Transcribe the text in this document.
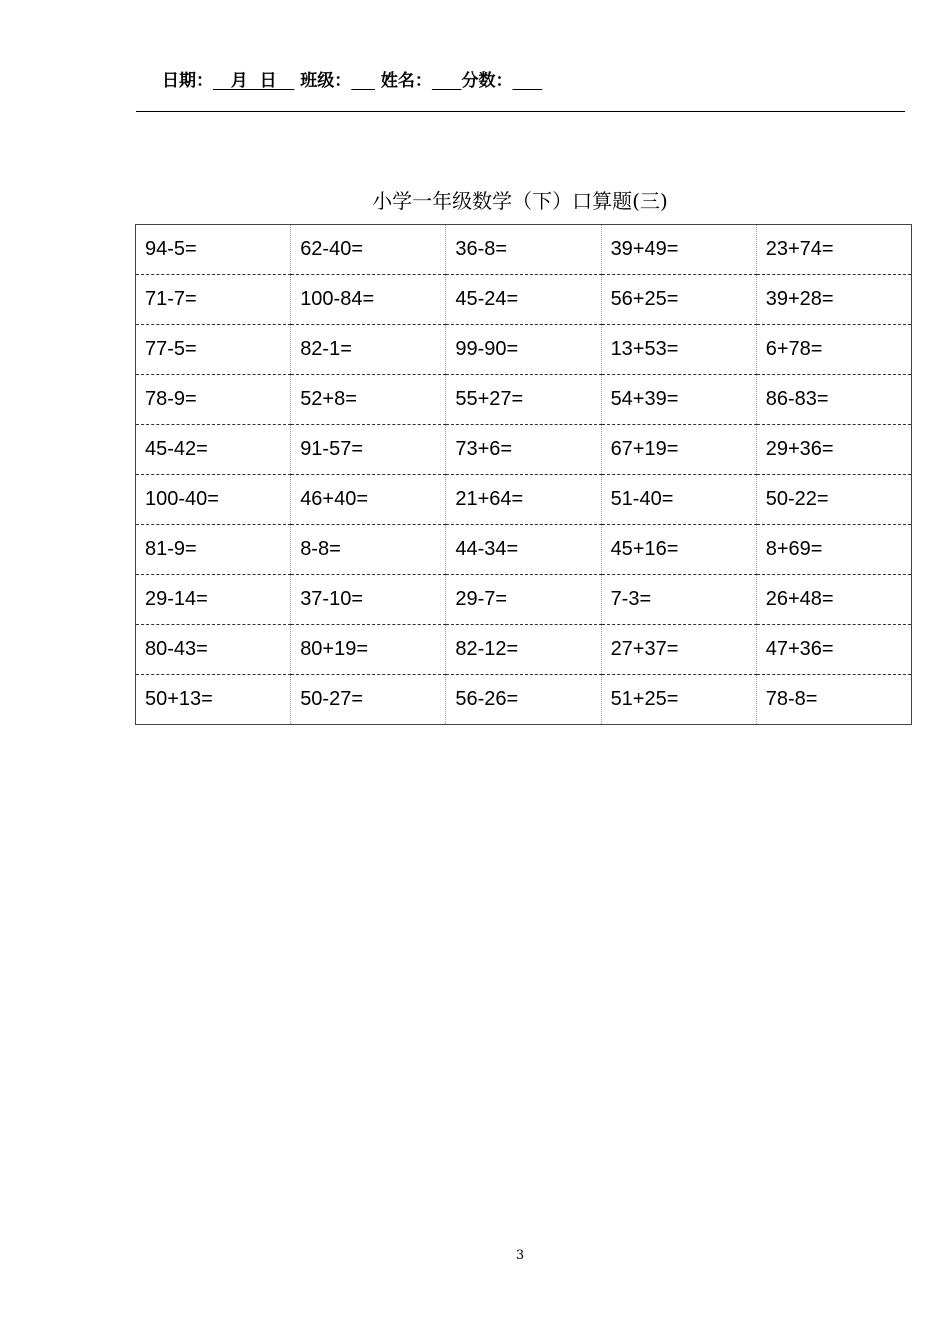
日期：   月  日    班级： 姓名： 分数：
小学一年级数学（下）口算题(三)
94-5=	62-40=	36-8=	39+49=	23+74=
71-7=	100-84=	45-24=	56+25=	39+28=
77-5=	82-1=	99-90=	13+53=	6+78=
78-9=	52+8=	55+27=	54+39=	86-83=
45-42=	91-57=	73+6=	67+19=	29+36=
100-40=	46+40=	21+64=	51-40=	50-22=
81-9=	8-8=	44-34=	45+16=	8+69=
29-14=	37-10=	29-7=	7-3=	26+48=
80-43=	80+19=	82-12=	27+37=	47+36=
50+13=	50-27=	56-26=	51+25=	78-8=
3
